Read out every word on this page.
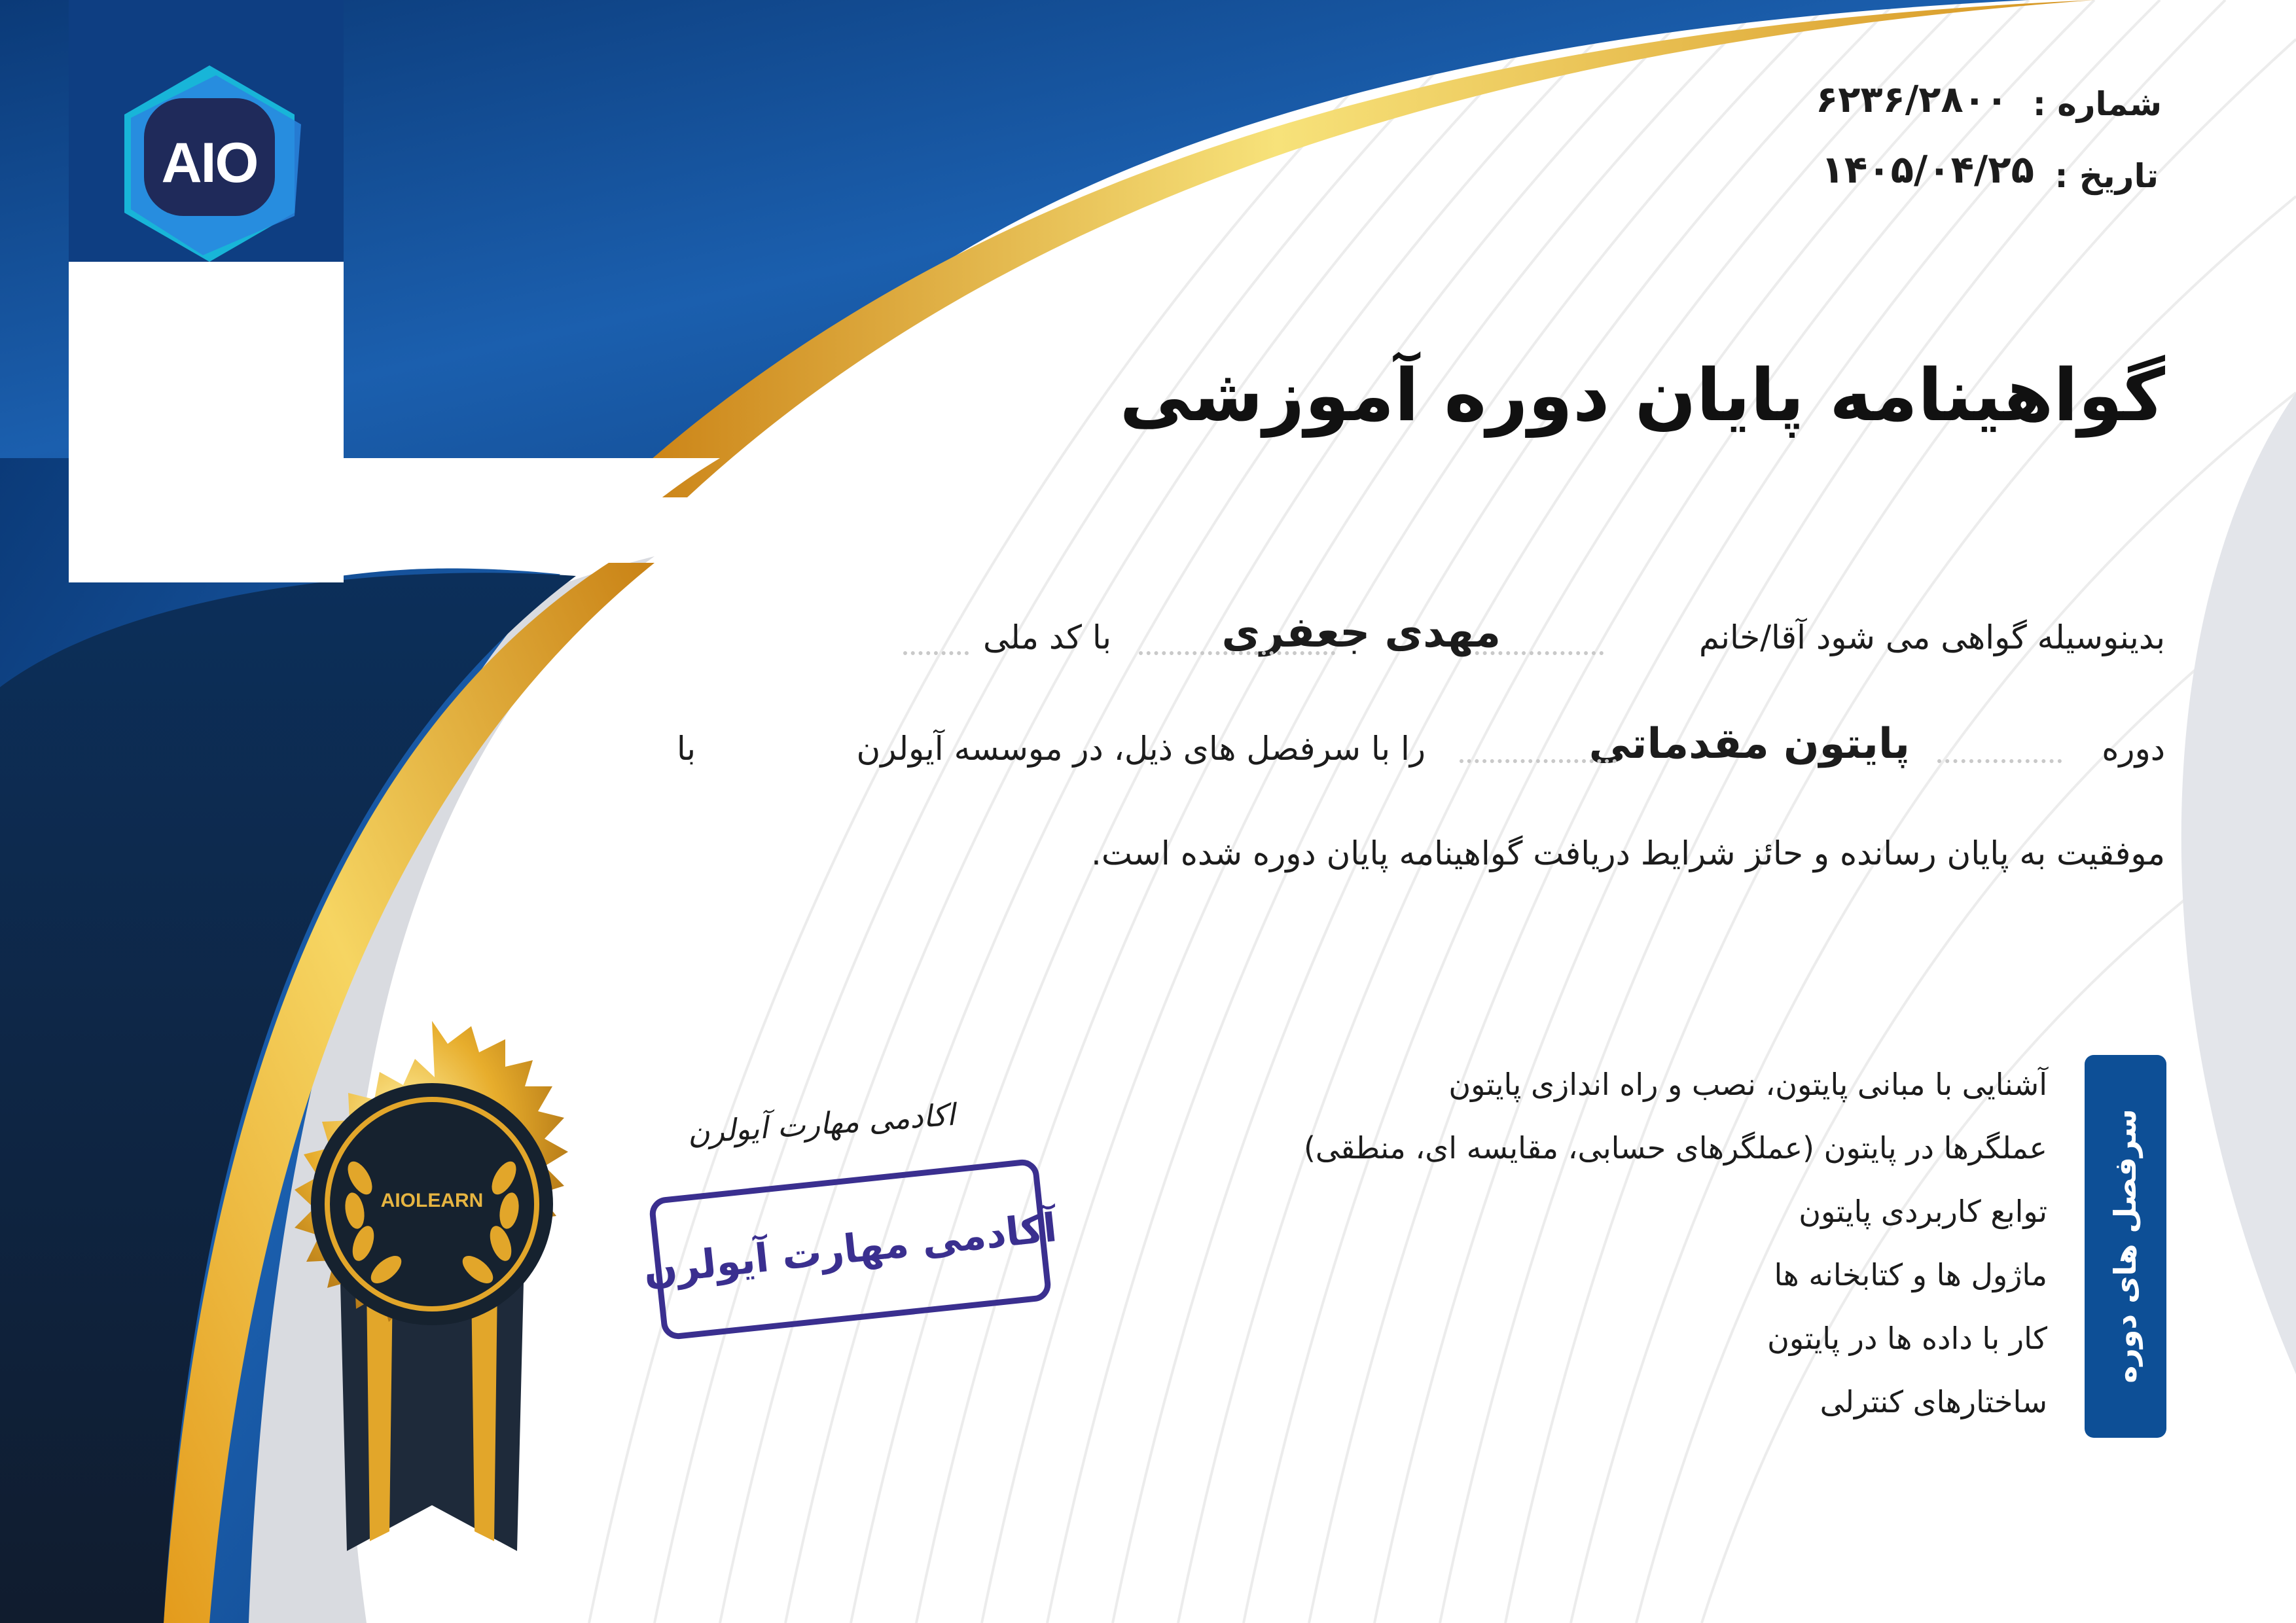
AIO
شماره :
۶۲۳۶/۲۸۰۰
تاریخ :
۱۴۰۵/۰۴/۲۵
گواهینامه پایان دوره آموزشی
بدینوسیله گواهی می شود آقا/خانم
مهدی جعفری
با کد ملی
دوره
پایتون مقدماتی
را با سرفصل های ذیل، در موسسه آیولرن
با
موفقیت به پایان رسانده و حائز شرایط دریافت گواهینامه پایان دوره شده است.
سرفصل های دوره
آشنایی با مبانی پایتون، نصب و راه اندازی پایتون
عملگرها در پایتون (عملگرهای حسابی، مقایسه ای، منطقی)
توابع کاربردی پایتون
ماژول ها و کتابخانه ها
کار با داده ها در پایتون
ساختارهای کنترلی
AIOLEARN
اکادمی مهارت آیولرن
آکادمی مهارت آیولرن
